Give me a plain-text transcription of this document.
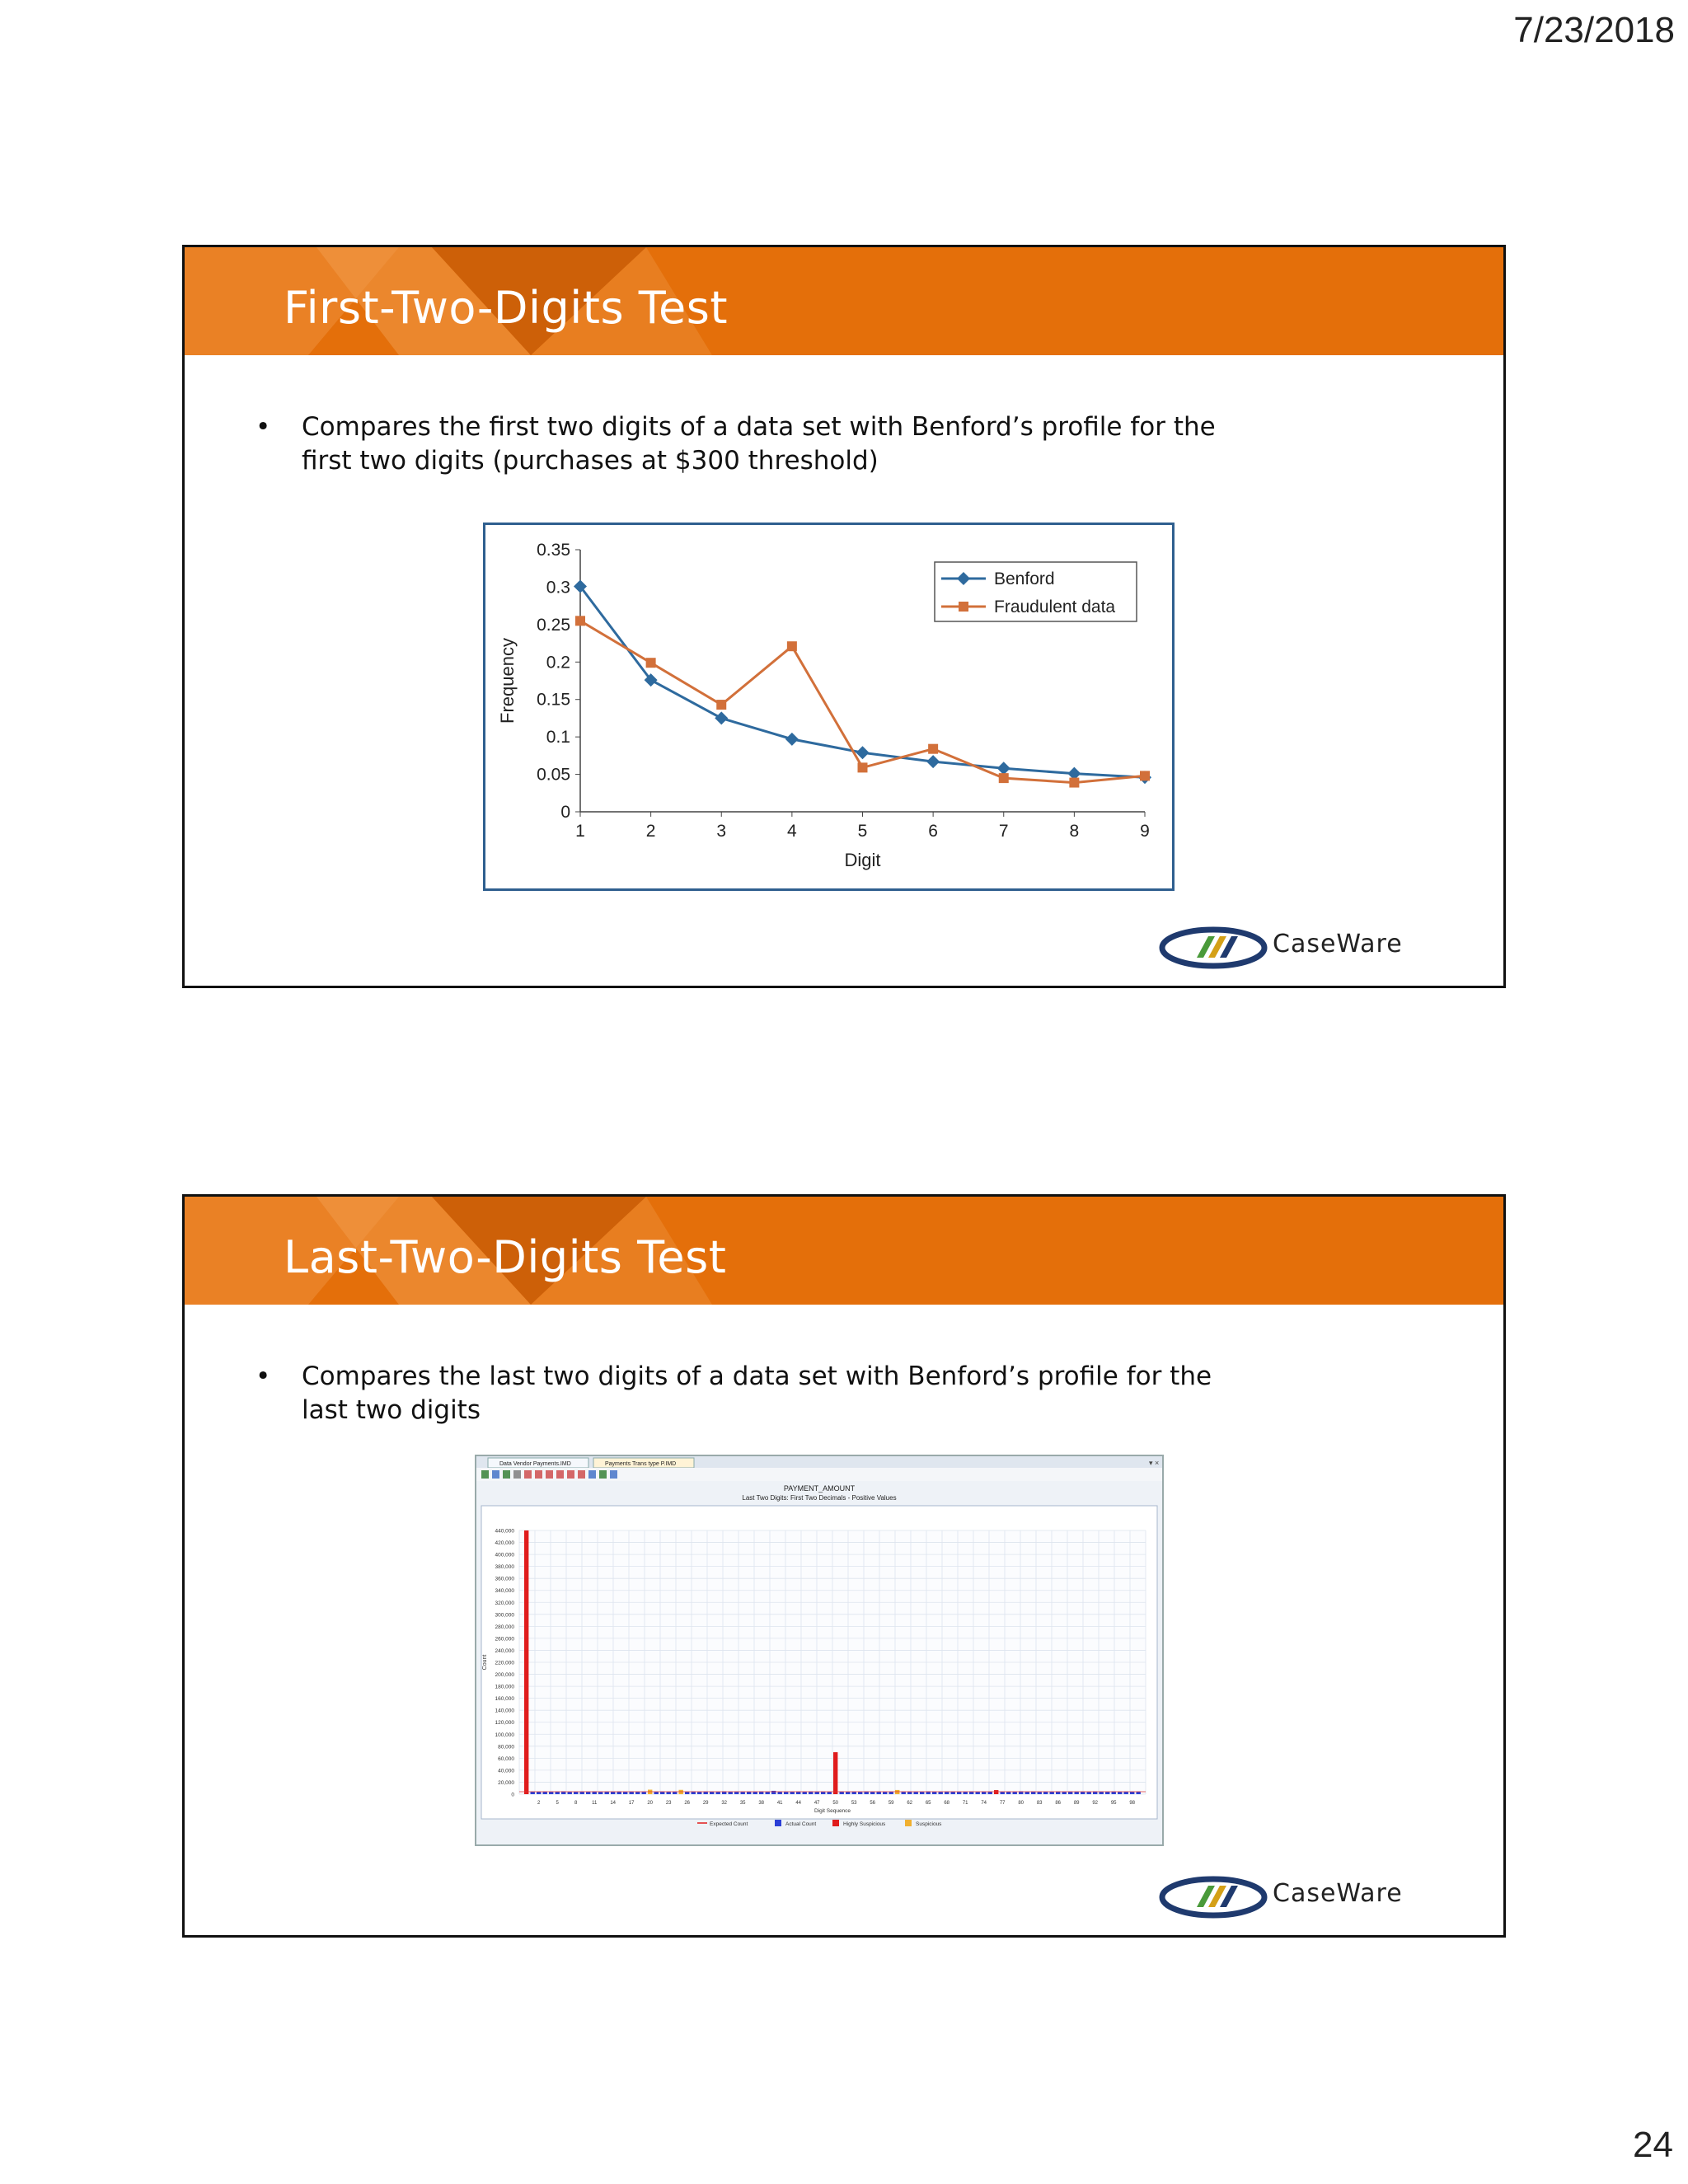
7/23/2018
First-Two-Digits Test
• Compares the first two digits of a data set with Benford’s profile for the first two digits (purchases at $300 threshold)
0.35
0.3
0.25
0.2
0.15
0.1
0.05
0
1	2	3	4	5	6	7	8	9
Digit
Frequency
Benford
Fraudulent data
CaseWare
Last-Two-Digits Test
• Compares the last two digits of a data set with Benford’s profile for the last two digits
Data Vendor Payments.IMD	Payments Trans type P.IMD	▾ ×
PAYMENT_AMOUNT
Last Two Digits: First Two Decimals - Positive Values
440,000
420,000
400,000
380,000
360,000
340,000
320,000
300,000
280,000
260,000
240,000
220,000
200,000
180,000
160,000
140,000
120,000
100,000
80,000
60,000
40,000
20,000
0
Count
2	5	8	11	14	17	20	23	26	29	32	35	38	41	44	47	50	53	56	59	62	65	68	71	74	77	80	83	86	89	92	95	98
Digit Sequence
Expected Count	Actual Count	Highly Suspicious	Suspicious
CaseWare
24
